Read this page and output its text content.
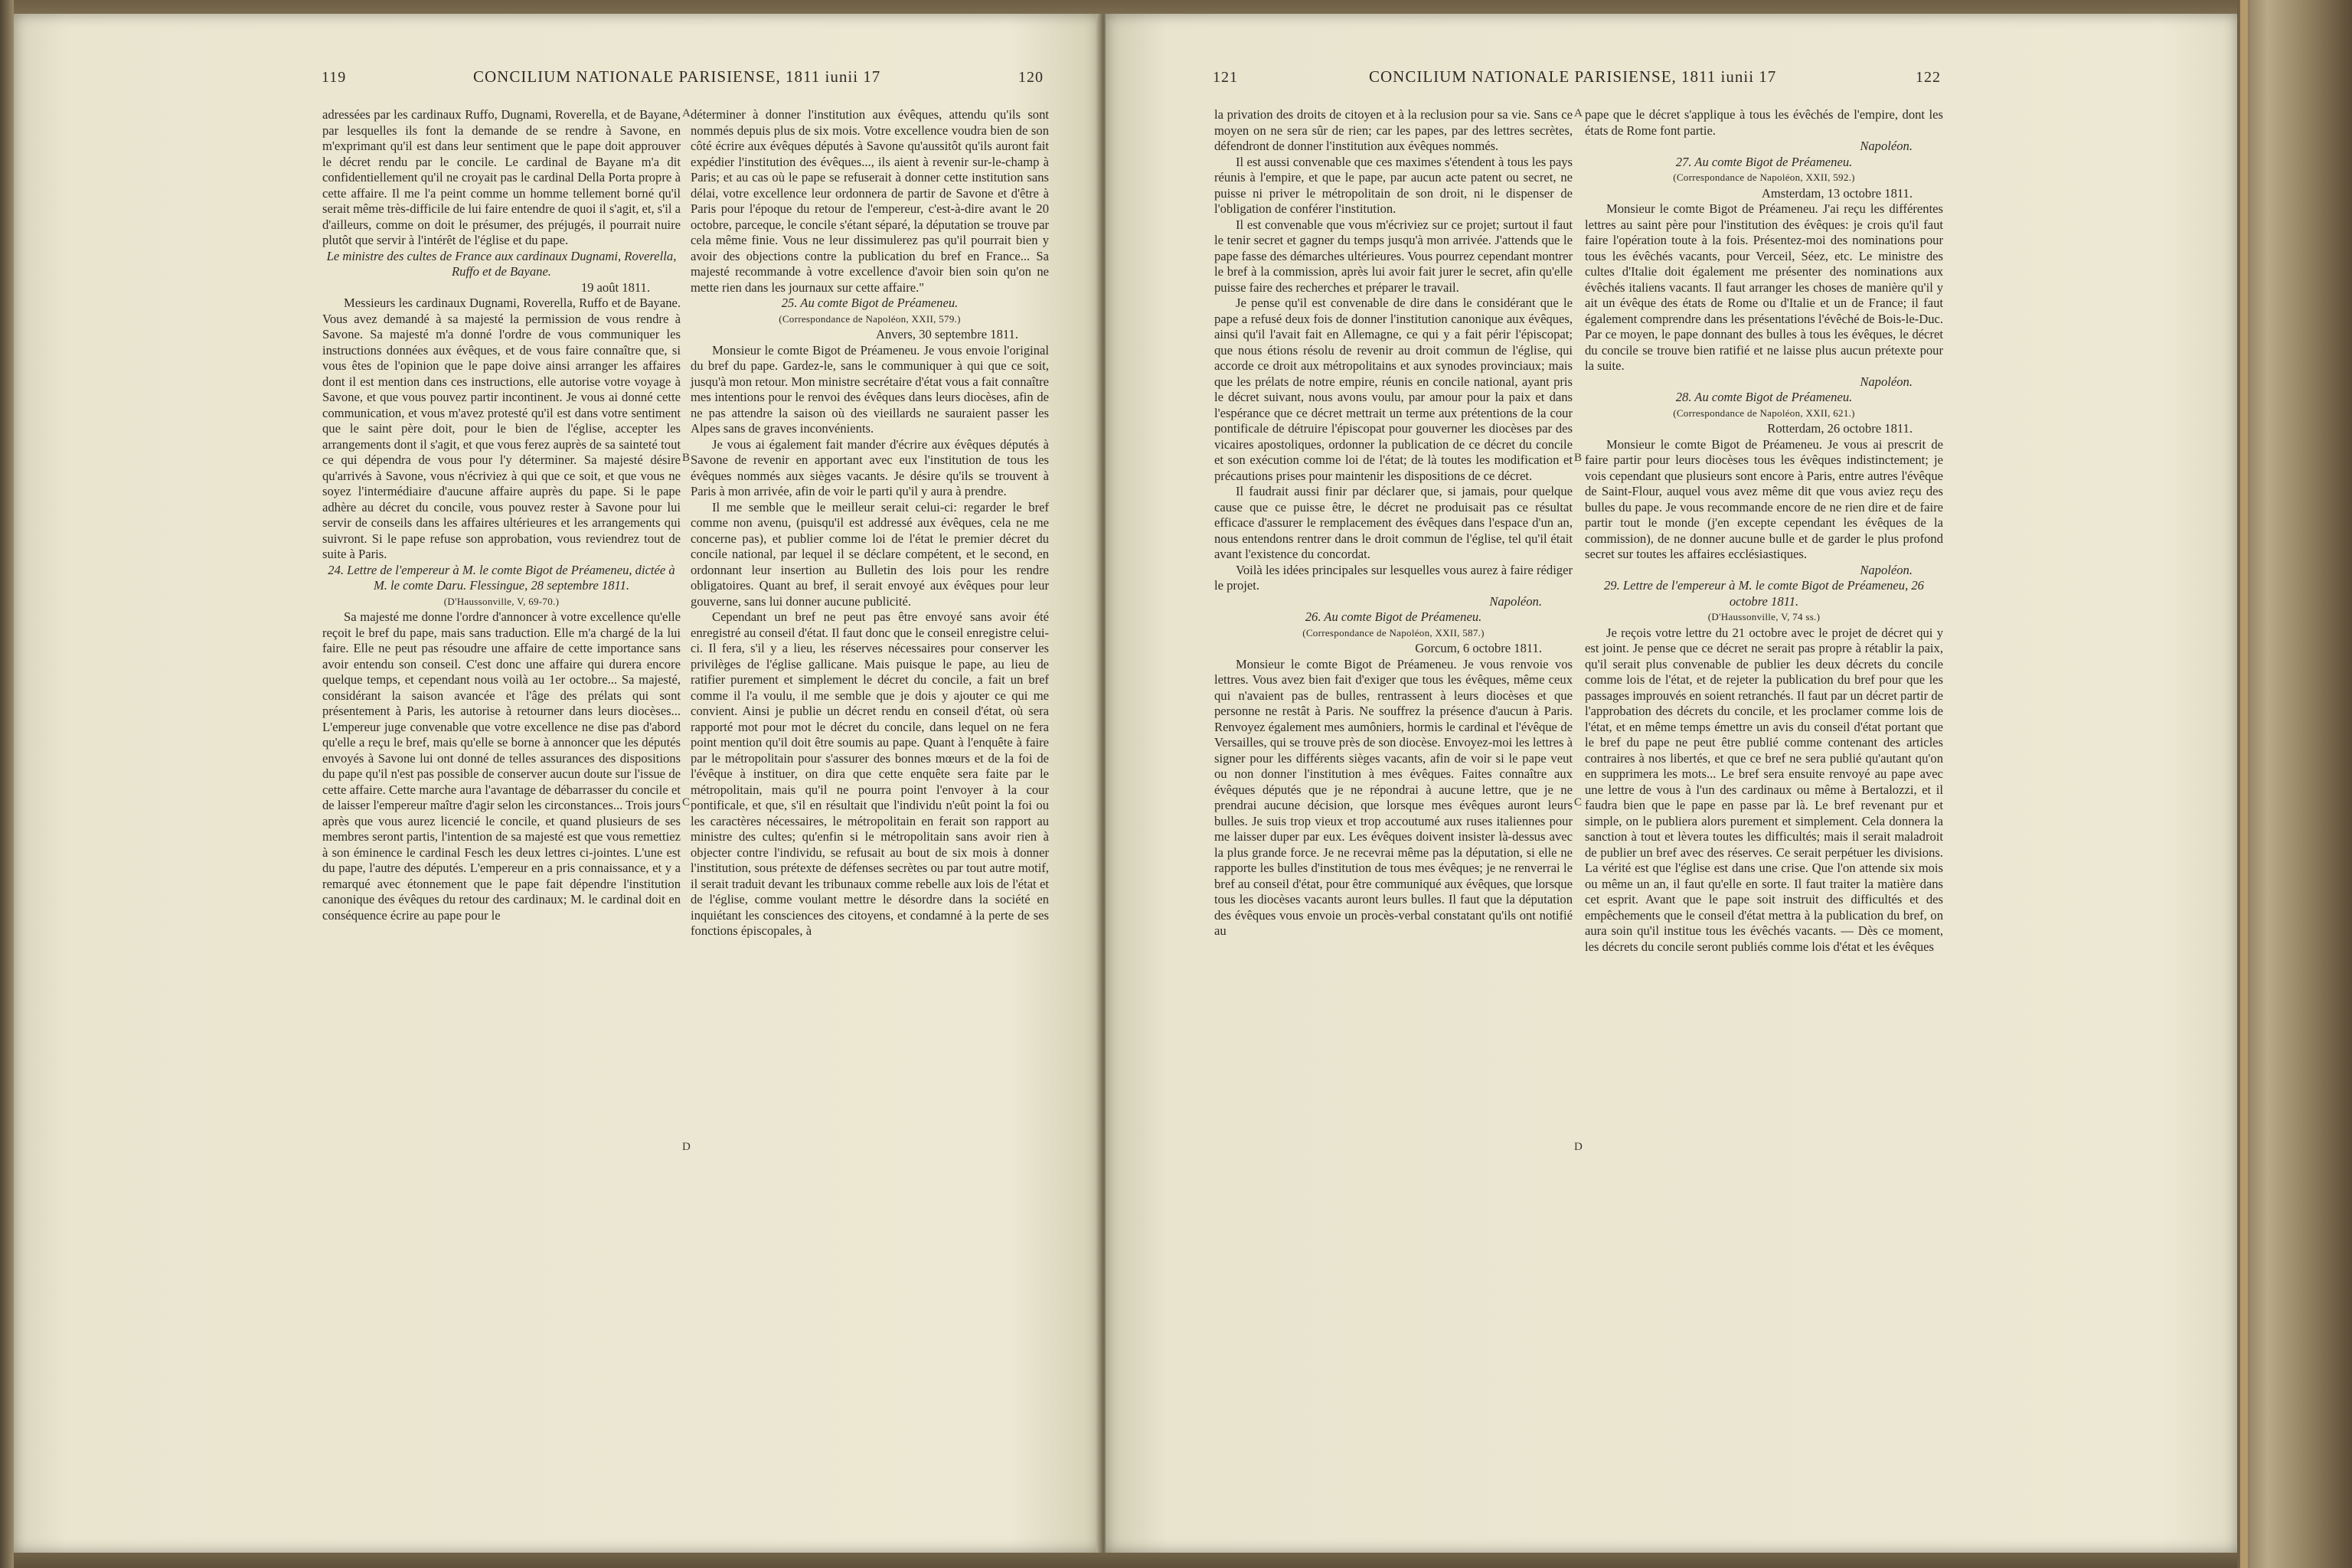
119	CONCILIUM NATIONALE PARISIENSE, 1811 iunii 17	120

adressées par les cardinaux Ruffo, Dugnami, Roverella, et de Bayane, par lesquelles ils font la demande de se rendre à Savone, en m'exprimant qu'il est dans leur sentiment que le pape doit approuver le décret rendu par le concile. Le cardinal de Bayane m'a dit confidentiellement qu'il ne croyait pas le cardinal Della Porta propre à cette affaire. Il me l'a peint comme un homme tellement borné qu'il serait même très-difficile de lui faire entendre de quoi il s'agit, et, s'il a d'ailleurs, comme on doit le présumer, des préjugés, il pourrait nuire plutôt que servir à l'intérêt de l'église et du pape.

Le ministre des cultes de France aux cardinaux Dugnami, Roverella, Ruffo et de Bayane.

19 août 1811.

Messieurs les cardinaux Dugnami, Roverella, Ruffo et de Bayane. Vous avez demandé à sa majesté la permission de vous rendre à Savone. Sa majesté m'a donné l'ordre de vous communiquer les instructions données aux évêques, et de vous faire connaître que, si vous êtes de l'opinion que le pape doive ainsi arranger les affaires dont il est mention dans ces instructions, elle autorise votre voyage à Savone, et que vous pouvez partir incontinent. Je vous ai donné cette communication, et vous m'avez protesté qu'il est dans votre sentiment que le saint père doit, pour le bien de l'église, accepter les arrangements dont il s'agit, et que vous ferez auprès de sa sainteté tout ce qui dépendra de vous pour l'y déterminer. Sa majesté désire qu'arrivés à Savone, vous n'écriviez à qui que ce soit, et que vous ne soyez l'intermédiaire d'aucune affaire auprès du pape. Si le pape adhère au décret du concile, vous pouvez rester à Savone pour lui servir de conseils dans les affaires ultérieures et les arrangements qui suivront. Si le pape refuse son approbation, vous reviendrez tout de suite à Paris.

24. Lettre de l'empereur à M. le comte Bigot de Préameneu, dictée à M. le comte Daru. Flessingue, 28 septembre 1811.

(D'Haussonville, V, 69-70.)

Sa majesté me donne l'ordre d'annoncer à votre excellence qu'elle reçoit le bref du pape, mais sans traduction. Elle m'a chargé de la lui faire. Elle ne peut pas résoudre une affaire de cette importance sans avoir entendu son conseil. C'est donc une affaire qui durera encore quelque temps, et cependant nous voilà au 1er octobre... Sa majesté, considérant la saison avancée et l'âge des prélats qui sont présentement à Paris, les autorise à retourner dans leurs diocèses... L'empereur juge convenable que votre excellence ne dise pas d'abord qu'elle a reçu le bref, mais qu'elle se borne à annoncer que les députés envoyés à Savone lui ont donné de telles assurances des dispositions du pape qu'il n'est pas possible de conserver aucun doute sur l'issue de cette affaire. Cette marche aura l'avantage de débarrasser du concile et de laisser l'empereur maître d'agir selon les circonstances... Trois jours après que vous aurez licencié le concile, et quand plusieurs de ses membres seront partis, l'intention de sa majesté est que vous remettiez à son éminence le cardinal Fesch les deux lettres ci-jointes. L'une est du pape, l'autre des députés. L'empereur en a pris connaissance, et y a remarqué avec étonnement que le pape fait dépendre l'institution canonique des évêques du retour des cardinaux; M. le cardinal doit en conséquence écrire au pape pour le

déterminer à donner l'institution aux évêques, attendu qu'ils sont nommés depuis plus de six mois. Votre excellence voudra bien de son côté écrire aux évêques députés à Savone qu'aussitôt qu'ils auront fait expédier l'institution des évêques..., ils aient à revenir sur-le-champ à Paris; et au cas où le pape se refuserait à donner cette institution sans délai, votre excellence leur ordonnera de partir de Savone et d'être à Paris pour l'époque du retour de l'empereur, c'est-à-dire avant le 20 octobre, parceque, le concile s'étant séparé, la députation se trouve par cela même finie. Vous ne leur dissimulerez pas qu'il pourrait bien y avoir des objections contre la publication du bref en France... Sa majesté recommande à votre excellence d'avoir bien soin qu'on ne mette rien dans les journaux sur cette affaire."

25. Au comte Bigot de Préameneu.

(Correspondance de Napoléon, XXII, 579.)

Anvers, 30 septembre 1811.

Monsieur le comte Bigot de Préameneu. Je vous envoie l'original du bref du pape. Gardez-le, sans le communiquer à qui que ce soit, jusqu'à mon retour. Mon ministre secrétaire d'état vous a fait connaître mes intentions pour le renvoi des évêques dans leurs diocèses, afin de ne pas attendre la saison où des vieillards ne sauraient passer les Alpes sans de graves inconvénients.

Je vous ai également fait mander d'écrire aux évêques députés à Savone de revenir en apportant avec eux l'institution de tous les évêques nommés aux sièges vacants. Je désire qu'ils se trouvent à Paris à mon arrivée, afin de voir le parti qu'il y aura à prendre.

Il me semble que le meilleur serait celui-ci: regarder le bref comme non avenu, (puisqu'il est addressé aux évêques, cela ne me concerne pas), et publier comme loi de l'état le premier décret du concile national, par lequel il se déclare compétent, et le second, en ordonnant leur insertion au Bulletin des lois pour les rendre obligatoires. Quant au bref, il serait envoyé aux évêques pour leur gouverne, sans lui donner aucune publicité.

Cependant un bref ne peut pas être envoyé sans avoir été enregistré au conseil d'état. Il faut donc que le conseil enregistre celui-ci. Il fera, s'il y a lieu, les réserves nécessaires pour conserver les privilèges de l'église gallicane. Mais puisque le pape, au lieu de ratifier purement et simplement le décret du concile, a fait un bref comme il l'a voulu, il me semble que je dois y ajouter ce qui me convient. Ainsi je publie un décret rendu en conseil d'état, où sera rapporté mot pour mot le décret du concile, dans lequel on ne fera point mention qu'il doit être soumis au pape. Quant à l'enquête à faire par le métropolitain pour s'assurer des bonnes mœurs et de la foi de l'évêque à instituer, on dira que cette enquête sera faite par le métropolitain, mais qu'il ne pourra point l'envoyer à la cour pontificale, et que, s'il en résultait que l'individu n'eût point la foi ou les caractères nécessaires, le métropolitain en ferait son rapport au ministre des cultes; qu'enfin si le métropolitain sans avoir rien à objecter contre l'individu, se refusait au bout de six mois à donner l'institution, sous prétexte de défenses secrètes ou par tout autre motif, il serait traduit devant les tribunaux comme rebelle aux lois de l'état et de l'église, comme voulant mettre le désordre dans la société en inquiétant les consciences des citoyens, et condamné à la perte de ses fonctions épiscopales, à

A
B
C
D
121	CONCILIUM NATIONALE PARISIENSE, 1811 iunii 17	122

la privation des droits de citoyen et à la reclusion pour sa vie. Sans ce moyen on ne sera sûr de rien; car les papes, par des lettres secrètes, défendront de donner l'institution aux évêques nommés.

Il est aussi convenable que ces maximes s'étendent à tous les pays réunis à l'empire, et que le pape, par aucun acte patent ou secret, ne puisse ni priver le métropolitain de son droit, ni le dispenser de l'obligation de conférer l'institution.

Il est convenable que vous m'écriviez sur ce projet; surtout il faut le tenir secret et gagner du temps jusqu'à mon arrivée. J'attends que le pape fasse des démarches ultérieures. Vous pourrez cependant montrer le bref à la commission, après lui avoir fait jurer le secret, afin qu'elle puisse faire des recherches et préparer le travail.

Je pense qu'il est convenable de dire dans le considérant que le pape a refusé deux fois de donner l'institution canonique aux évêques, ainsi qu'il l'avait fait en Allemagne, ce qui y a fait périr l'épiscopat; que nous étions résolu de revenir au droit commun de l'église, qui accorde ce droit aux métropolitains et aux synodes provinciaux; mais que les prélats de notre empire, réunis en concile national, ayant pris le décret suivant, nous avons voulu, par amour pour la paix et dans l'espérance que ce décret mettrait un terme aux prétentions de la cour pontificale de détruire l'épiscopat pour gouverner les diocèses par des vicaires apostoliques, ordonner la publication de ce décret du concile et son exécution comme loi de l'état; de là toutes les modification et précautions prises pour maintenir les dispositions de ce décret.

Il faudrait aussi finir par déclarer que, si jamais, pour quelque cause que ce puisse être, le décret ne produisait pas ce résultat efficace d'assurer le remplacement des évêques dans l'espace d'un an, nous entendons rentrer dans le droit commun de l'église, tel qu'il était avant l'existence du concordat.

Voilà les idées principales sur lesquelles vous aurez à faire rédiger le projet.

Napoléon.

26. Au comte Bigot de Préameneu.

(Correspondance de Napoléon, XXII, 587.)

Gorcum, 6 octobre 1811.

Monsieur le comte Bigot de Préameneu. Je vous renvoie vos lettres. Vous avez bien fait d'exiger que tous les évêques, même ceux qui n'avaient pas de bulles, rentrassent à leurs diocèses et que personne ne restât à Paris. Ne souffrez la présence d'aucun à Paris. Renvoyez également mes aumôniers, hormis le cardinal et l'évêque de Versailles, qui se trouve près de son diocèse. Envoyez-moi les lettres à signer pour les différents sièges vacants, afin de voir si le pape veut ou non donner l'institution à mes évêques. Faites connaître aux évêques députés que je ne répondrai à aucune lettre, que je ne prendrai aucune décision, que lorsque mes évêques auront leurs bulles. Je suis trop vieux et trop accoutumé aux ruses italiennes pour me laisser duper par eux. Les évêques doivent insister là-dessus avec la plus grande force. Je ne recevrai même pas la députation, si elle ne rapporte les bulles d'institution de tous mes évêques; je ne renverrai le bref au conseil d'état, pour être communiqué aux évêques, que lorsque tous les diocèses vacants auront leurs bulles. Il faut que la députation des évêques vous envoie un procès-verbal constatant qu'ils ont notifié au

pape que le décret s'applique à tous les évêchés de l'empire, dont les états de Rome font partie.

Napoléon.

27. Au comte Bigot de Préameneu.

(Correspondance de Napoléon, XXII, 592.)

Amsterdam, 13 octobre 1811.

Monsieur le comte Bigot de Préameneu. J'ai reçu les différentes lettres au saint père pour l'institution des évêques: je crois qu'il faut faire l'opération toute à la fois. Présentez-moi des nominations pour tous les évêchés vacants, pour Verceil, Séez, etc. Le ministre des cultes d'Italie doit également me présenter des nominations aux évêchés italiens vacants. Il faut arranger les choses de manière qu'il y ait un évêque des états de Rome ou d'Italie et un de France; il faut également comprendre dans les présentations l'évêché de Bois-le-Duc. Par ce moyen, le pape donnant des bulles à tous les évêques, le décret du concile se trouve bien ratifié et ne laisse plus aucun prétexte pour la suite.

Napoléon.

28. Au comte Bigot de Préameneu.

(Correspondance de Napoléon, XXII, 621.)

Rotterdam, 26 octobre 1811.

Monsieur le comte Bigot de Préameneu. Je vous ai prescrit de faire partir pour leurs diocèses tous les évêques indistinctement; je vois cependant que plusieurs sont encore à Paris, entre autres l'évêque de Saint-Flour, auquel vous avez même dit que vous aviez reçu des bulles du pape. Je vous recommande encore de ne rien dire et de faire partir tout le monde (j'en excepte cependant les évêques de la commission), de ne donner aucune bulle et de garder le plus profond secret sur toutes les affaires ecclésiastiques.

Napoléon.

29. Lettre de l'empereur à M. le comte Bigot de Préameneu, 26 octobre 1811.

(D'Haussonville, V, 74 ss.)

Je reçois votre lettre du 21 octobre avec le projet de décret qui y est joint. Je pense que ce décret ne serait pas propre à rétablir la paix, qu'il serait plus convenable de publier les deux décrets du concile comme lois de l'état, et de rejeter la publication du bref pour que les passages improuvés en soient retranchés. Il faut par un décret partir de l'approbation des décrets du concile, et les proclamer comme lois de l'état, et en même temps émettre un avis du conseil d'état portant que le bref du pape ne peut être publié comme contenant des articles contraires à nos libertés, et que ce bref ne sera publié qu'autant qu'on en supprimera les mots... Le bref sera ensuite renvoyé au pape avec une lettre de vous à l'un des cardinaux ou même à Bertalozzi, et il faudra bien que le pape en passe par là. Le bref revenant pur et simple, on le publiera alors purement et simplement. Cela donnera la sanction à tout et lèvera toutes les difficultés; mais il serait maladroit de publier un bref avec des réserves. Ce serait perpétuer les divisions. La vérité est que l'église est dans une crise. Que l'on attende six mois ou même un an, il faut qu'elle en sorte. Il faut traiter la matière dans cet esprit. Avant que le pape soit instruit des difficultés et des empêchements que le conseil d'état mettra à la publication du bref, on aura soin qu'il institue tous les évêchés vacants. — Dès ce moment, les décrets du concile seront publiés comme lois d'état et les évêques

A
B
C
D
